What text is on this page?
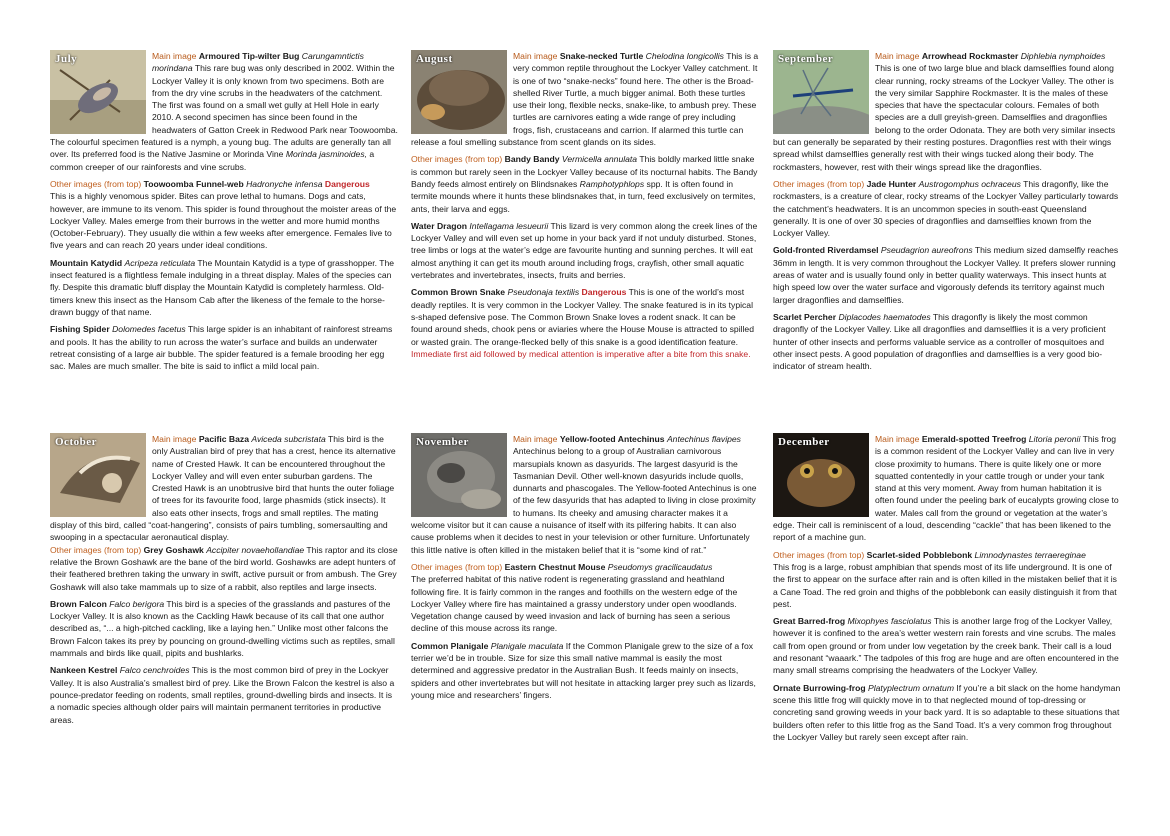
July	Main image Armoured Tip-wilter Bug Carungamntictis morindana This rare bug was only described in 2002. Within the Lockyer Valley it is only known from two specimens. Both are from the dry vine scrubs in the headwaters of the catchment. The first was found on a small wet gully at Hell Hole in early 2010. A second specimen has since been found in the headwaters of Gatton Creek in Redwood Park near Toowoomba. The colourful specimen featured is a nymph, a young bug. The adults are generally tan all over. Its preferred food is the Native Jasmine or Morinda Vine Morinda jasminoides, a common creeper of our rainforests and vine scrubs.

Other images (from top) Toowoomba Funnel-web Hadronyche infensa Dangerous
This is a highly venomous spider. Bites can prove lethal to humans. Dogs and cats, however, are immune to its venom. This spider is found throughout the moister areas of the Lockyer Valley. Males emerge from their burrows in the wetter and more humid months (October-February). They usually die within a few weeks after emergence. Females live to five years and can reach 20 years under ideal conditions.

Mountain Katydid Acripeza reticulata The Mountain Katydid is a type of grasshopper. The insect featured is a flightless female indulging in a threat display. Males of the species can fly. Despite this dramatic bluff display the Mountain Katydid is completely harmless. Old-timers knew this insect as the Hansom Cab after the likeness of the female to the horse-drawn buggy of that name.

Fishing Spider Dolomedes facetus This large spider is an inhabitant of rainforest streams and pools. It has the ability to run across the water’s surface and builds an underwater retreat consisting of a large air bubble. The spider featured is a female brooding her egg sac. Males are much smaller. The bite is said to inflict a mild local pain.

August	Main image Snake-necked Turtle Chelodina longicollis This is a very common reptile throughout the Lockyer Valley catchment. It is one of two “snake-necks” found here. The other is the Broad-shelled River Turtle, a much bigger animal. Both these turtles use their long, flexible necks, snake-like, to ambush prey. These turtles are carnivores eating a wide range of prey including frogs, fish, crustaceans and carrion. If alarmed this turtle can release a foul smelling substance from scent glands on its sides.

Other images (from top) Bandy Bandy Vermicella annulata This boldly marked little snake is common but rarely seen in the Lockyer Valley because of its nocturnal habits. The Bandy Bandy feeds almost entirely on Blindsnakes Ramphotyphlops spp. It is often found in termite mounds where it hunts these blindsnakes that, in turn, feed exclusively on termites, ants, their larva and eggs.

Water Dragon Intellagama lesueurii This lizard is very common along the creek lines of the Lockyer Valley and will even set up home in your back yard if not unduly disturbed. Stones, tree limbs or logs at the water’s edge are favourite hunting and sunning perches. It will eat almost anything it can get its mouth around including frogs, crayfish, other small aquatic vertebrates and invertebrates, insects, fruits and berries.

Common Brown Snake Pseudonaja textilis Dangerous This is one of the world’s most deadly reptiles. It is very common in the Lockyer Valley. The snake featured is in its typical s-shaped defensive pose. The Common Brown Snake loves a rodent snack. It can be found around sheds, chook pens or aviaries where the House Mouse is attracted to spilled or wasted grain. The orange-flecked belly of this snake is a good identification feature. Immediate first aid followed by medical attention is imperative after a bite from this snake.

September	Main image Arrowhead Rockmaster Diphlebia nymphoides This is one of two large blue and black damselflies found along clear running, rocky streams of the Lockyer Valley. The other is the very similar Sapphire Rockmaster. It is the males of these species that have the spectacular colours. Females of both species are a dull greyish-green. Damselflies and dragonflies belong to the order Odonata. They are both very similar insects but can generally be separated by their resting postures. Dragonflies rest with their wings spread whilst damselflies generally rest with their wings tucked along their body. The rockmasters, however, rest with their wings spread like the dragonflies.

Other images (from top) Jade Hunter Austrogomphus ochraceus This dragonfly, like the rockmasters, is a creature of clear, rocky streams of the Lockyer Valley particularly towards the catchment’s headwaters. It is an uncommon species in south-east Queensland generally. It is one of over 30 species of dragonflies and damselflies known from the Lockyer Valley.

Gold-fronted Riverdamsel Pseudagrion aureofrons This medium sized damselfly reaches 36mm in length. It is very common throughout the Lockyer Valley. It prefers slower running areas of water and is usually found only in better quality waterways. This insect hunts at high speed low over the water surface and vigorously defends its territory against much larger dragonflies and damselflies.

Scarlet Percher Diplacodes haematodes This dragonfly is likely the most common dragonfly of the Lockyer Valley. Like all dragonflies and damselflies it is a very proficient hunter of other insects and performs valuable service as a controller of mosquitoes and other insect pests. A good population of dragonflies and damselflies is a very good bio-indicator of stream health.

October	Main image Pacific Baza Aviceda subcristata This bird is the only Australian bird of prey that has a crest, hence its alternative name of Crested Hawk. It can be encountered throughout the Lockyer Valley and will even enter suburban gardens. The Crested Hawk is an unobtrusive bird that hunts the outer foliage of trees for its favourite food, large phasmids (stick insects). It also eats other insects, frogs and small reptiles. The mating display of this bird, called “coat-hangering”, consists of pairs tumbling, somersaulting and swooping in a spectacular aeronautical display.
Other images (from top) Grey Goshawk Accipiter novaehollandiae This raptor and its close relative the Brown Goshawk are the bane of the bird world. Goshawks are adept hunters of their feathered brethren taking the unwary in swift, active pursuit or from ambush. The Grey Goshawk will also take mammals up to size of a rabbit, also reptiles and large insects.

Brown Falcon Falco berigora This bird is a species of the grasslands and pastures of the Lockyer Valley. It is also known as the Cackling Hawk because of its call that one author described as, “... a high-pitched cackling, like a laying hen.” Unlike most other falcons the Brown Falcon takes its prey by pouncing on ground-dwelling victims such as reptiles, small mammals and birds like quail, pipits and bushlarks.

Nankeen Kestrel Falco cenchroides This is the most common bird of prey in the Lockyer Valley. It is also Australia’s smallest bird of prey. Like the Brown Falcon the kestrel is also a pounce-predator feeding on rodents, small reptiles, ground-dwelling birds and insects. It is a nomadic species although older pairs will maintain permanent territories in productive areas.

November	Main image Yellow-footed Antechinus Antechinus flavipes Antechinus belong to a group of Australian carnivorous marsupials known as dasyurids. The largest dasyurid is the Tasmanian Devil. Other well-known dasyurids include quolls, dunnarts and phascogales. The Yellow-footed Antechinus is one of the few dasyurids that has adapted to living in close proximity to humans. Its cheeky and amusing character makes it a welcome visitor but it can cause a nuisance of itself with its pilfering habits. It can also cause problems when it decides to nest in your television or other furniture. Unfortunately this little native is often killed in the mistaken belief that it is “some kind of rat.”

Other images (from top) Eastern Chestnut Mouse Pseudomys gracilicaudatus
The preferred habitat of this native rodent is regenerating grassland and heathland following fire. It is fairly common in the ranges and foothills on the western edge of the Lockyer Valley where fire has maintained a grassy understory under open woodlands. Vegetation change caused by weed invasion and lack of burning has seen a serious decline of this mouse across its range.

Common Planigale Planigale maculata If the Common Planigale grew to the size of a fox terrier we’d be in trouble. Size for size this small native mammal is easily the most determined and aggressive predator in the Australian Bush. It feeds mainly on insects, spiders and other invertebrates but will not hesitate in attacking larger prey such as lizards, young mice and researchers’ fingers.

December	Main image Emerald-spotted Treefrog Litoria peronii This frog is a common resident of the Lockyer Valley and can live in very close proximity to humans. There is quite likely one or more squatted contentedly in your cattle trough or under your tank stand at this very moment. Away from human habitation it is often found under the peeling bark of eucalypts growing close to water. Males call from the ground or vegetation at the water’s edge. Their call is reminiscent of a loud, descending “cackle” that has been likened to the report of a machine gun.

Other images (from top) Scarlet-sided Pobblebonk Limnodynastes terraereginae
This frog is a large, robust amphibian that spends most of its life underground. It is one of the first to appear on the surface after rain and is often killed in the mistaken belief that it is a Cane Toad. The red groin and thighs of the pobblebonk can easily distinguish it from that pest.

Great Barred-frog Mixophyes fasciolatus This is another large frog of the Lockyer Valley, however it is confined to the area’s wetter western rain forests and vine scrubs. The males call from open ground or from under low vegetation by the creek bank. Their call is a loud and resonant “waaark.” The tadpoles of this frog are huge and are often encountered in the many small streams comprising the headwaters of the Lockyer Valley.

Ornate Burrowing-frog Platyplectrum ornatum If you’re a bit slack on the home handyman scene this little frog will quickly move in to that neglected mound of top-dressing or concreting sand growing weeds in your back yard. It is so adaptable to these situations that builders often refer to this little frog as the Sand Toad. It’s a very common frog throughout the Lockyer Valley but rarely seen except after rain.
